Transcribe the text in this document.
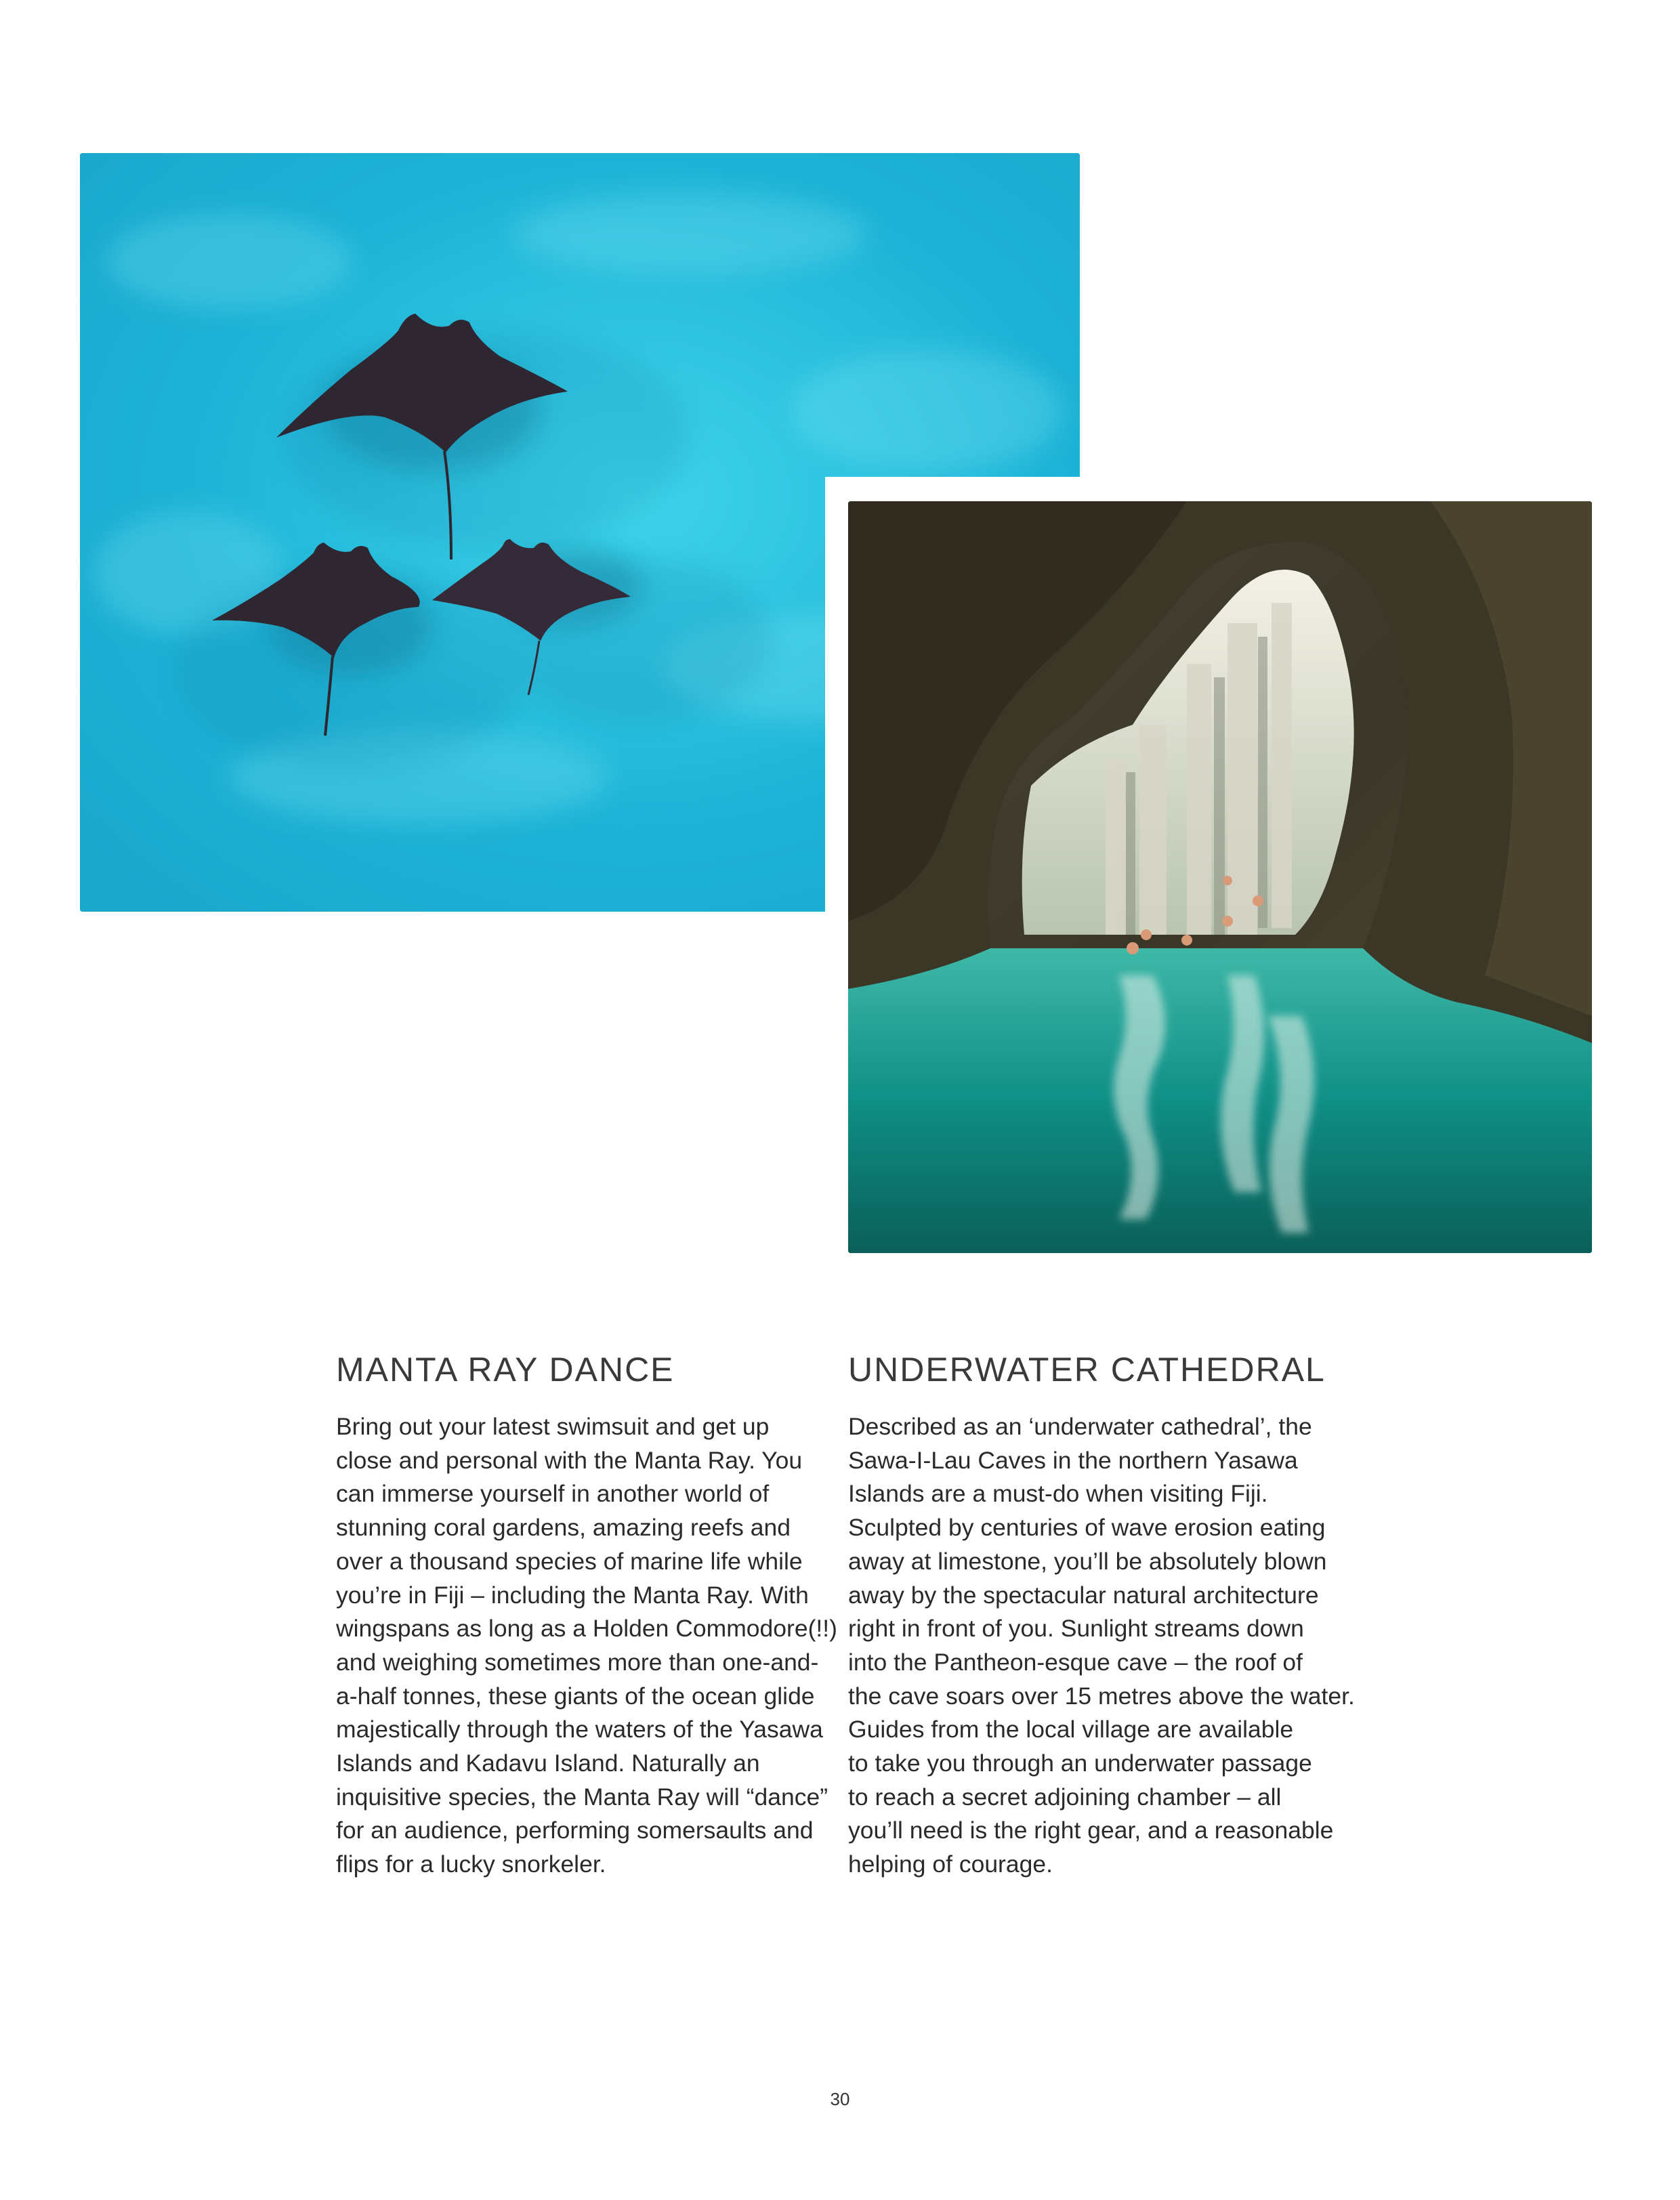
MANTA RAY DANCE

Bring out your latest swimsuit and get up
close and personal with the Manta Ray. You
can immerse yourself in another world of
stunning coral gardens, amazing reefs and
over a thousand species of marine life while
you’re in Fiji – including the Manta Ray. With
wingspans as long as a Holden Commodore(!!)
and weighing sometimes more than one-and-
a-half tonnes, these giants of the ocean glide
majestically through the waters of the Yasawa
Islands and Kadavu Island. Naturally an
inquisitive species, the Manta Ray will “dance”
for an audience, performing somersaults and
flips for a lucky snorkeler.

UNDERWATER CATHEDRAL

Described as an ‘underwater cathedral’, the
Sawa-I-Lau Caves in the northern Yasawa
Islands are a must-do when visiting Fiji.
Sculpted by centuries of wave erosion eating
away at limestone, you’ll be absolutely blown
away by the spectacular natural architecture
right in front of you. Sunlight streams down
into the Pantheon-esque cave – the roof of
the cave soars over 15 metres above the water.
Guides from the local village are available
to take you through an underwater passage
to reach a secret adjoining chamber – all
you’ll need is the right gear, and a reasonable
helping of courage.

30
